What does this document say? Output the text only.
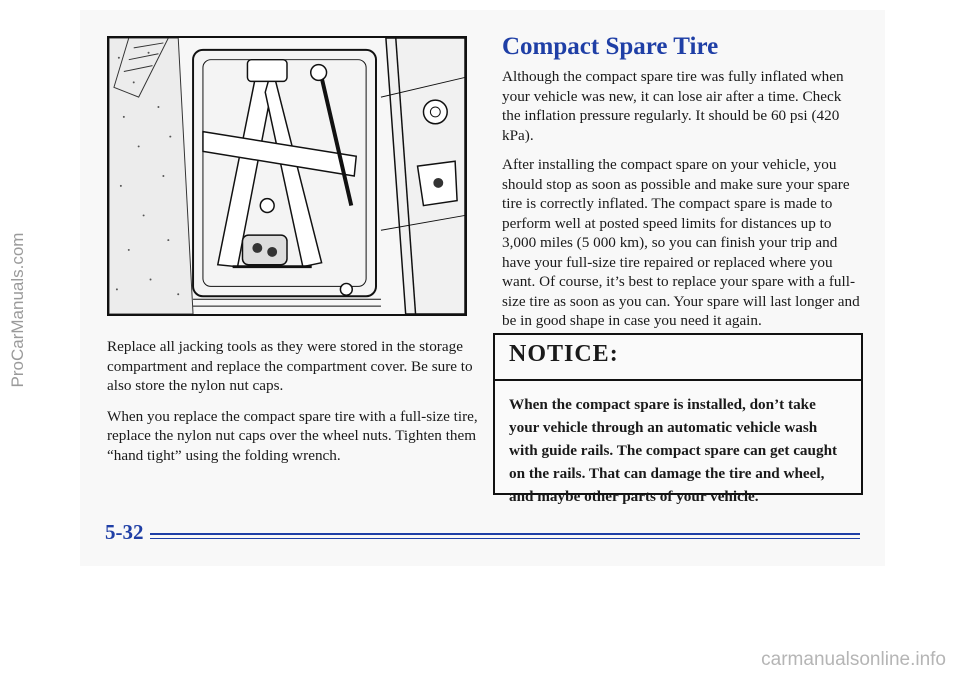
Replace all jacking tools as they were stored in the storage compartment and replace the compartment cover. Be sure to also store the nylon nut caps.

When you replace the compact spare tire with a full-size tire, replace the nylon nut caps over the wheel nuts. Tighten them “hand tight” using the folding wrench.

Compact Spare Tire

Although the compact spare tire was fully inflated when your vehicle was new, it can lose air after a time. Check the inflation pressure regularly. It should be 60 psi (420 kPa).

After installing the compact spare on your vehicle, you should stop as soon as possible and make sure your spare tire is correctly inflated. The compact spare is made to perform well at posted speed limits for distances up to 3,000 miles (5 000 km), so you can finish your trip and have your full-size tire repaired or replaced where you want. Of course, it’s best to replace your spare with a full-size tire as soon as you can. Your spare will last longer and be in good shape in case you need it again.

NOTICE:
When the compact spare is installed, don’t take your vehicle through an automatic vehicle wash with guide rails. The compact spare can get caught on the rails. That can damage the tire and wheel, and maybe other parts of your vehicle.
5-32
ProCarManuals.com
carmanualsonline.info
